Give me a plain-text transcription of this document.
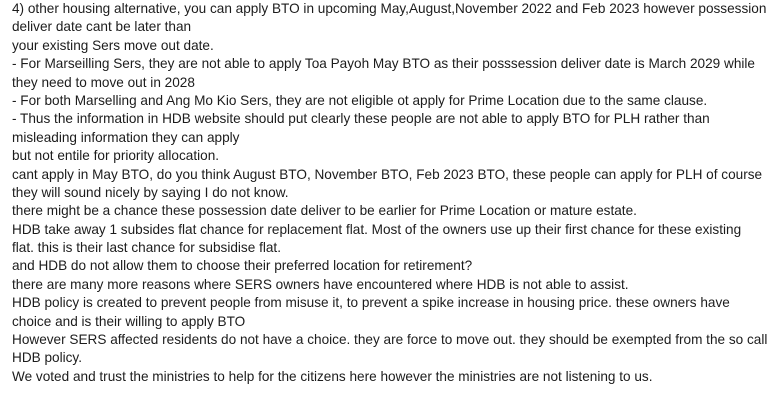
4) other housing alternative, you can apply BTO in upcoming May,August,November 2022 and Feb 2023 however possession
deliver date cant be later than
your existing Sers move out date.
- For Marseilling Sers, they are not able to apply Toa Payoh May BTO as their posssession deliver date is March 2029 while
they need to move out in 2028
- For both Marselling and Ang Mo Kio Sers, they are not eligible ot apply for Prime Location due to the same clause.
- Thus the information in HDB website should put clearly these people are not able to apply BTO for PLH rather than
misleading information they can apply
but not entile for priority allocation.
cant apply in May BTO, do you think August BTO, November BTO, Feb 2023 BTO, these people can apply for PLH of course
they will sound nicely by saying I do not know.
there might be a chance these possession date deliver to be earlier for Prime Location or mature estate.
HDB take away 1 subsides flat chance for replacement flat. Most of the owners use up their first chance for these existing
flat. this is their last chance for subsidise flat.
and HDB do not allow them to choose their preferred location for retirement?
there are many more reasons where SERS owners have encountered where HDB is not able to assist.
HDB policy is created to prevent people from misuse it, to prevent a spike increase in housing price. these owners have
choice and is their willing to apply BTO
However SERS affected residents do not have a choice. they are force to move out. they should be exempted from the so call
HDB policy.
We voted and trust the ministries to help for the citizens here however the ministries are not listening to us.
